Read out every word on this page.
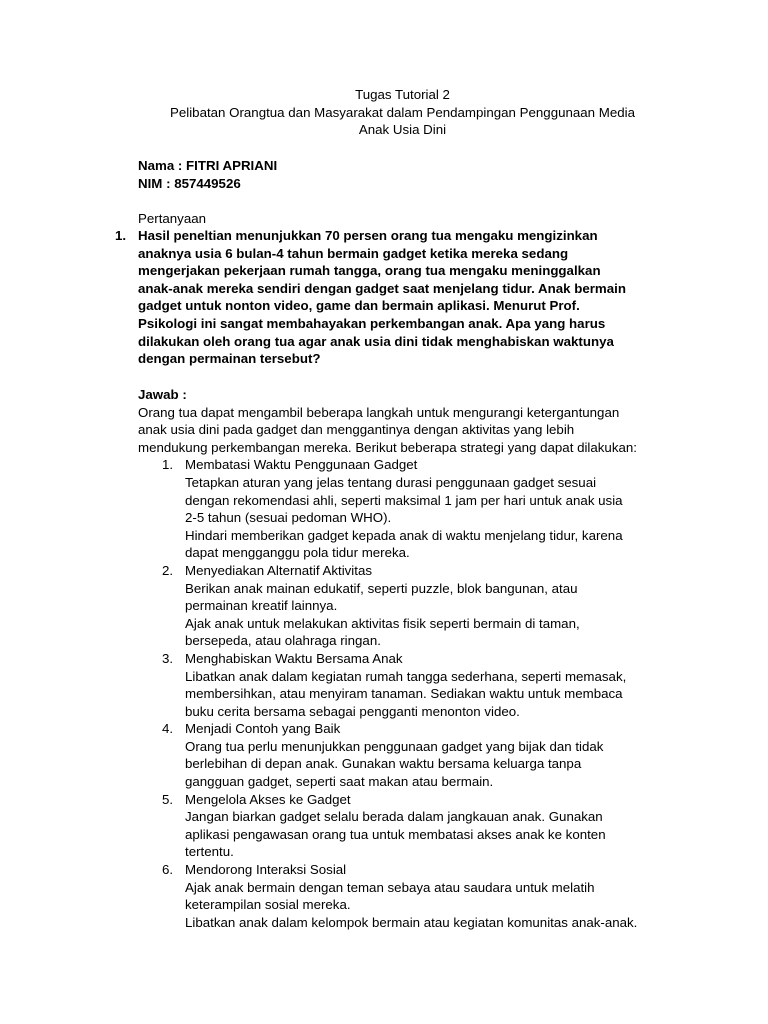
Tugas Tutorial 2
Pelibatan Orangtua dan Masyarakat dalam Pendampingan Penggunaan Media
Anak Usia Dini
Nama : FITRI APRIANI
NIM : 857449526
Pertanyaan
1. Hasil peneltian menunjukkan 70 persen orang tua mengaku mengizinkan
anaknya usia 6 bulan-4 tahun bermain gadget ketika mereka sedang
mengerjakan pekerjaan rumah tangga, orang tua mengaku meninggalkan
anak-anak mereka sendiri dengan gadget saat menjelang tidur. Anak bermain
gadget untuk nonton video, game dan bermain aplikasi. Menurut Prof.
Psikologi ini sangat membahayakan perkembangan anak. Apa yang harus
dilakukan oleh orang tua agar anak usia dini tidak menghabiskan waktunya
dengan permainan tersebut?
Jawab :
Orang tua dapat mengambil beberapa langkah untuk mengurangi ketergantungan
anak usia dini pada gadget dan menggantinya dengan aktivitas yang lebih
mendukung perkembangan mereka. Berikut beberapa strategi yang dapat dilakukan:
1. Membatasi Waktu Penggunaan Gadget
Tetapkan aturan yang jelas tentang durasi penggunaan gadget sesuai
dengan rekomendasi ahli, seperti maksimal 1 jam per hari untuk anak usia
2-5 tahun (sesuai pedoman WHO).
Hindari memberikan gadget kepada anak di waktu menjelang tidur, karena
dapat mengganggu pola tidur mereka.
2. Menyediakan Alternatif Aktivitas
Berikan anak mainan edukatif, seperti puzzle, blok bangunan, atau
permainan kreatif lainnya.
Ajak anak untuk melakukan aktivitas fisik seperti bermain di taman,
bersepeda, atau olahraga ringan.
3. Menghabiskan Waktu Bersama Anak
Libatkan anak dalam kegiatan rumah tangga sederhana, seperti memasak,
membersihkan, atau menyiram tanaman. Sediakan waktu untuk membaca
buku cerita bersama sebagai pengganti menonton video.
4. Menjadi Contoh yang Baik
Orang tua perlu menunjukkan penggunaan gadget yang bijak dan tidak
berlebihan di depan anak. Gunakan waktu bersama keluarga tanpa
gangguan gadget, seperti saat makan atau bermain.
5. Mengelola Akses ke Gadget
Jangan biarkan gadget selalu berada dalam jangkauan anak. Gunakan
aplikasi pengawasan orang tua untuk membatasi akses anak ke konten
tertentu.
6. Mendorong Interaksi Sosial
Ajak anak bermain dengan teman sebaya atau saudara untuk melatih
keterampilan sosial mereka.
Libatkan anak dalam kelompok bermain atau kegiatan komunitas anak-anak.
